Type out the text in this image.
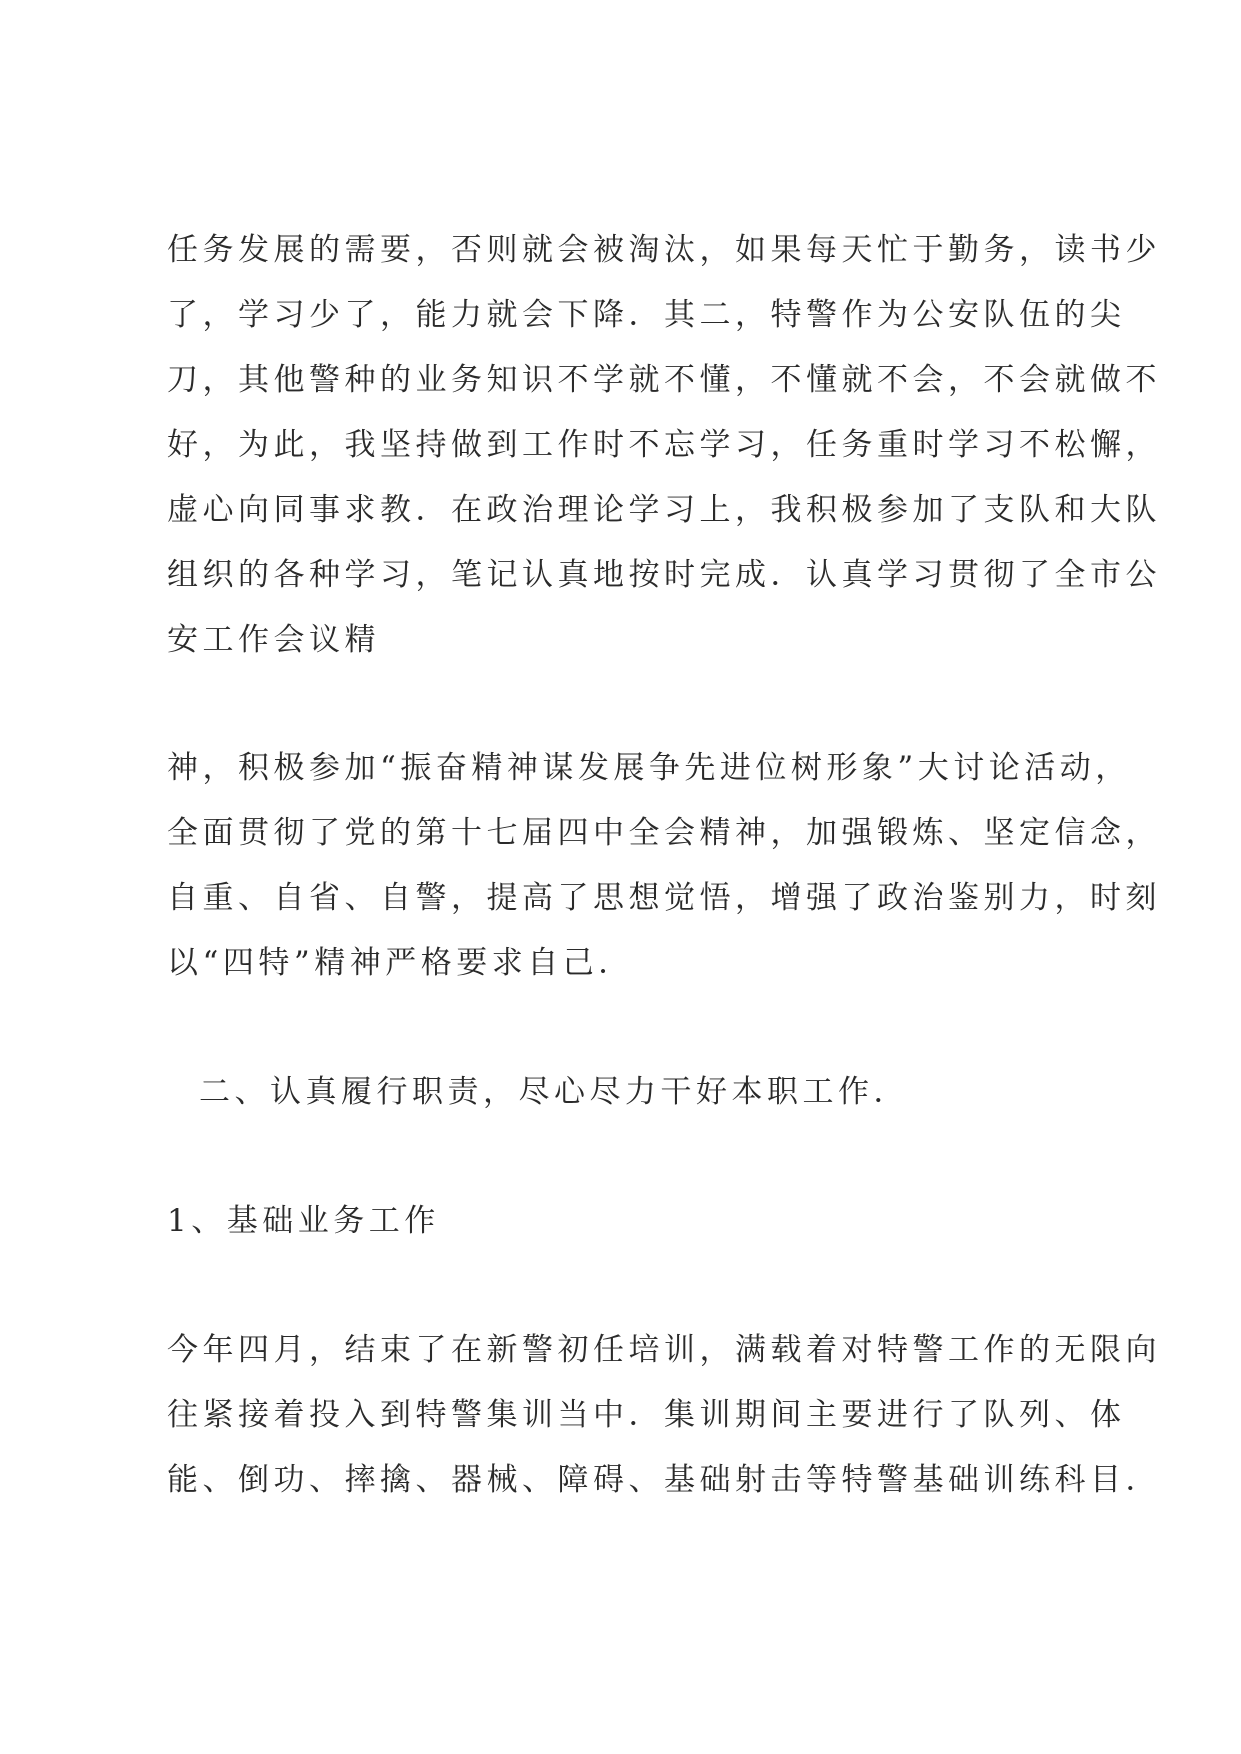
任务发展的需要，否则就会被淘汰，如果每天忙于勤务，读书少
了，学习少了，能力就会下降．其二，特警作为公安队伍的尖
刀，其他警种的业务知识不学就不懂，不懂就不会，不会就做不
好，为此，我坚持做到工作时不忘学习，任务重时学习不松懈，
虚心向同事求教．在政治理论学习上，我积极参加了支队和大队
组织的各种学习，笔记认真地按时完成．认真学习贯彻了全市公
安工作会议精
神，积极参加“振奋精神谋发展争先进位树形象”大讨论活动，
全面贯彻了党的第十七届四中全会精神，加强锻炼、坚定信念，
自重、自省、自警，提高了思想觉悟，增强了政治鉴别力，时刻
以“四特”精神严格要求自己．
二、认真履行职责，尽心尽力干好本职工作．
1、基础业务工作
今年四月，结束了在新警初任培训，满载着对特警工作的无限向
往紧接着投入到特警集训当中．集训期间主要进行了队列、体
能、倒功、摔擒、器械、障碍、基础射击等特警基础训练科目．
